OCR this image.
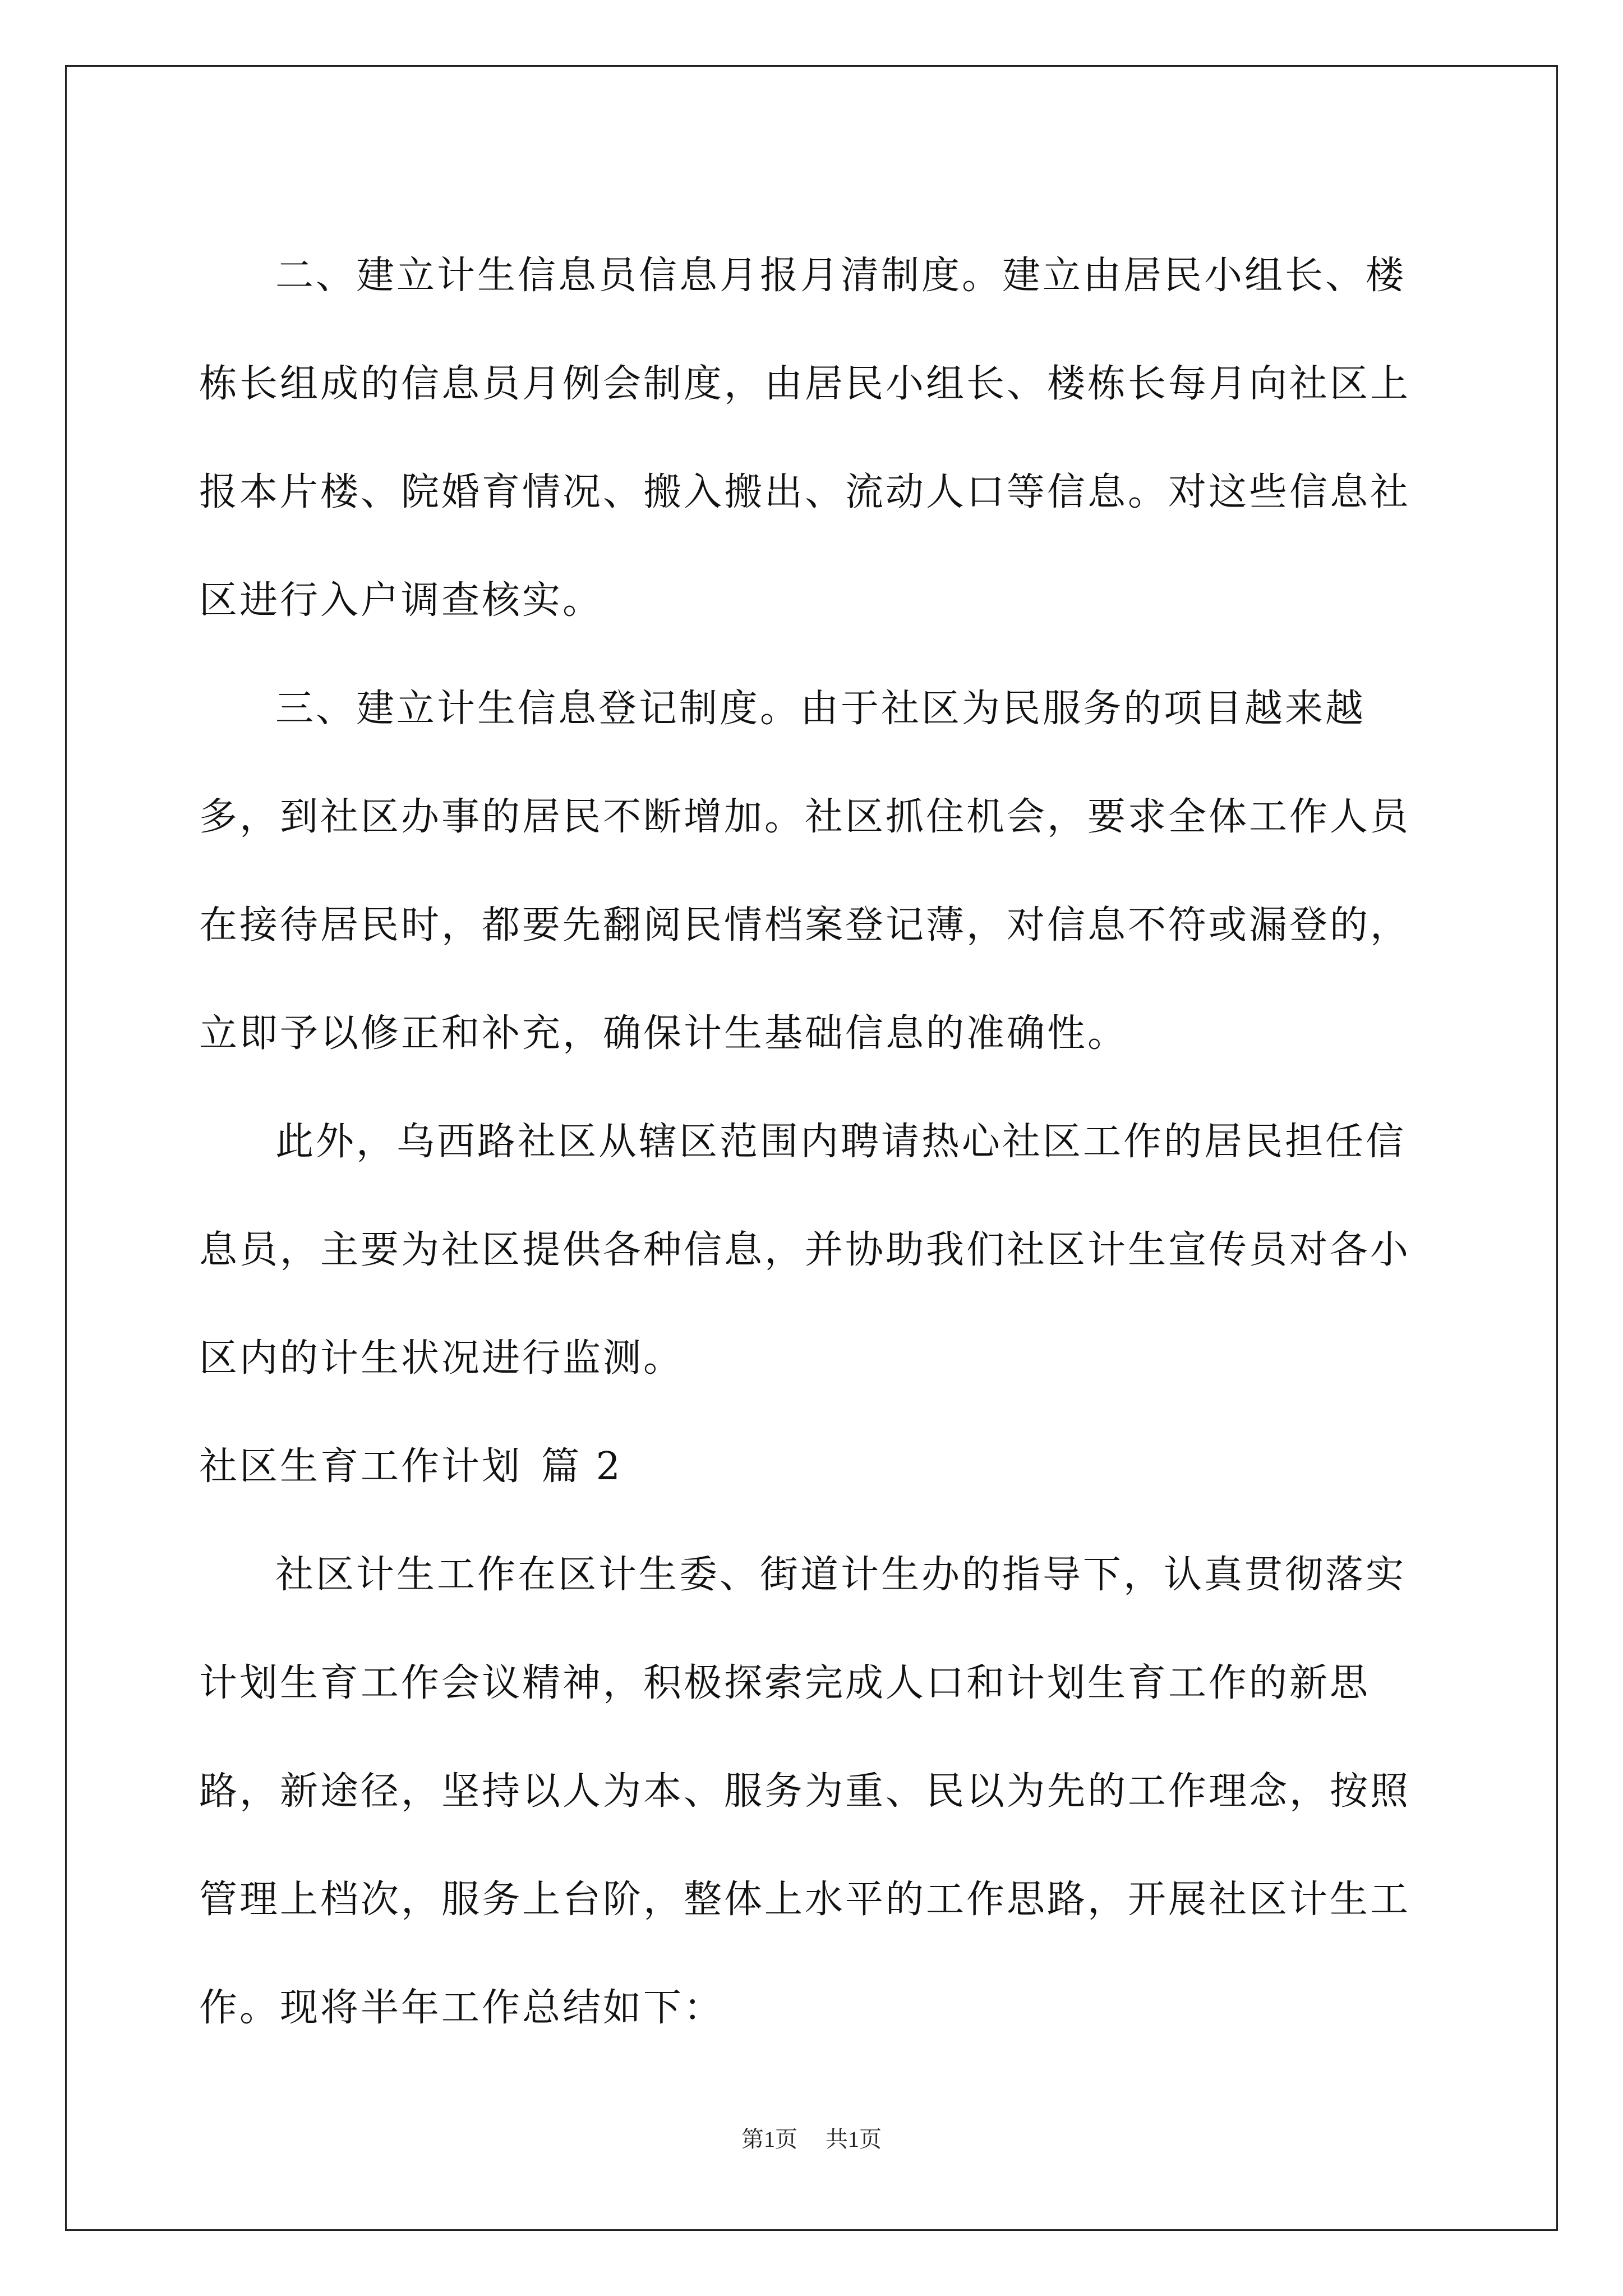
二、建立计生信息员信息月报月清制度。建立由居民小组长、楼栋长组成的信息员月例会制度，由居民小组长、楼栋长每月向社区上报本片楼、院婚育情况、搬入搬出、流动人口等信息。对这些信息社区进行入户调查核实。

三、建立计生信息登记制度。由于社区为民服务的项目越来越多，到社区办事的居民不断增加。社区抓住机会，要求全体工作人员在接待居民时，都要先翻阅民情档案登记薄，对信息不符或漏登的，立即予以修正和补充，确保计生基础信息的准确性。

此外，乌西路社区从辖区范围内聘请热心社区工作的居民担任信息员，主要为社区提供各种信息，并协助我们社区计生宣传员对各小区内的计生状况进行监测。

社区生育工作计划 篇 2

社区计生工作在区计生委、街道计生办的指导下，认真贯彻落实计划生育工作会议精神，积极探索完成人口和计划生育工作的新思路，新途径，坚持以人为本、服务为重、民以为先的工作理念，按照管理上档次，服务上台阶，整体上水平的工作思路，开展社区计生工作。现将半年工作总结如下：

第1页 共1页
